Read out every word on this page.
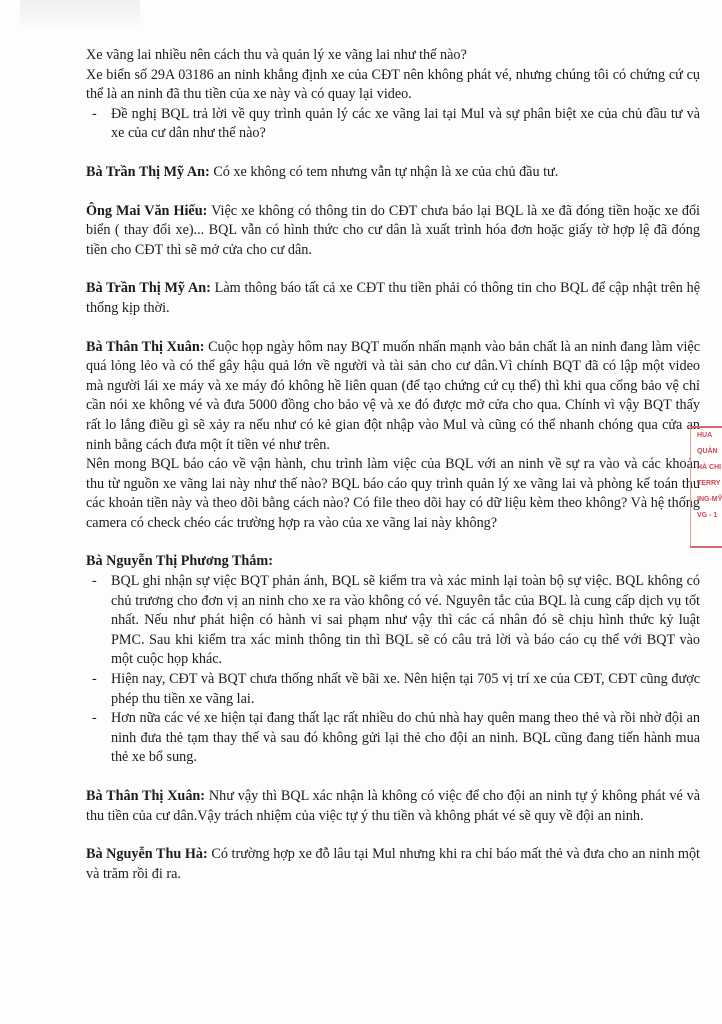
Xe vãng lai nhiều nên cách thu và quản lý xe vãng lai như thế nào?

Xe biển số 29A 03186 an ninh khẳng định xe của CĐT nên không phát vé, nhưng chúng tôi có chứng cứ cụ thể là an ninh đã thu tiền của xe này và có quay lại video.

- Đề nghị BQL trả lời về quy trình quản lý các xe vãng lai tại Mul và sự phân biệt xe của chủ đầu tư và xe của cư dân như thế nào?

Bà Trần Thị Mỹ An: Có xe không có tem nhưng vẫn tự nhận là xe của chủ đầu tư.

Ông Mai Văn Hiếu: Việc xe không có thông tin do CĐT chưa báo lại BQL là xe đã đóng tiền hoặc xe đổi biển ( thay đổi xe)... BQL vẫn có hình thức cho cư dân là xuất trình hóa đơn hoặc giấy tờ hợp lệ đã đóng tiền cho CĐT thì sẽ mở cửa cho cư dân.

Bà Trần Thị Mỹ An: Làm thông báo tất cả xe CĐT thu tiền phải có thông tin cho BQL để cập nhật trên hệ thống kịp thời.

Bà Thân Thị Xuân: Cuộc họp ngày hôm nay BQT muốn nhấn mạnh vào bản chất là an ninh đang làm việc quá lỏng lẻo và có thể gây hậu quả lớn về người và tài sản cho cư dân.Vì chính BQT đã có lập một video mà người lái xe máy và xe máy đó không hề liên quan (để tạo chứng cứ cụ thể) thì khi qua cổng bảo vệ chỉ cần nói xe không vé và đưa 5000 đồng cho bảo vệ và xe đó được mở cửa cho qua. Chính vì vậy BQT thấy rất lo lắng điều gì sẽ xảy ra nếu như có kẻ gian đột nhập vào Mul và cũng có thể nhanh chóng qua cửa an ninh bằng cách đưa một ít tiền vé như trên.

Nên mong BQL báo cáo về vận hành, chu trình làm việc của BQL với an ninh về sự ra vào và các khoản thu từ nguồn xe vãng lai này như thế nào? BQL báo cáo quy trình quản lý xe vãng lai và phòng kế toán thu các khoản tiền này và theo dõi bằng cách nào? Có file theo dõi hay có dữ liệu kèm theo không? Và hệ thống camera có check chéo các trường hợp ra vào của xe vãng lai này không?

Bà Nguyễn Thị Phương Thắm:

- BQL ghi nhận sự việc BQT phản ánh, BQL sẽ kiểm tra và xác minh lại toàn bộ sự việc. BQL không có chủ trương cho đơn vị an ninh cho xe ra vào không có vé. Nguyên tắc của BQL là cung cấp dịch vụ tốt nhất. Nếu như phát hiện có hành vi sai phạm như vậy thì các cá nhân đó sẽ chịu hình thức kỷ luật PMC. Sau khi kiểm tra xác minh thông tin thì BQL sẽ có câu trả lời và báo cáo cụ thể với BQT vào một cuộc họp khác.
- Hiện nay, CĐT và BQT chưa thống nhất về bãi xe. Nên hiện tại 705 vị trí xe của CĐT, CĐT cũng được phép thu tiền xe vãng lai.
- Hơn nữa các vé xe hiện tại đang thất lạc rất nhiều do chủ nhà hay quên mang theo thẻ và rồi nhờ đội an ninh đưa thẻ tạm thay thế và sau đó không gửi lại thẻ cho đội an ninh. BQL cũng đang tiến hành mua thẻ xe bổ sung.

Bà Thân Thị Xuân: Như vậy thì BQL xác nhận là không có việc để cho đội an ninh tự ý không phát vé và thu tiền của cư dân.Vậy trách nhiệm của việc tự ý thu tiền và không phát vé sẽ quy về đội an ninh.

Bà Nguyễn Thu Hà: Có trường hợp xe đỗ lâu tại Mul nhưng khi ra chỉ báo mất thẻ và đưa cho an ninh một và trăm rồi đi ra.

HUA
QUẢN
HÀ CHI
TERRY
ING-MỸ
VG - 1
